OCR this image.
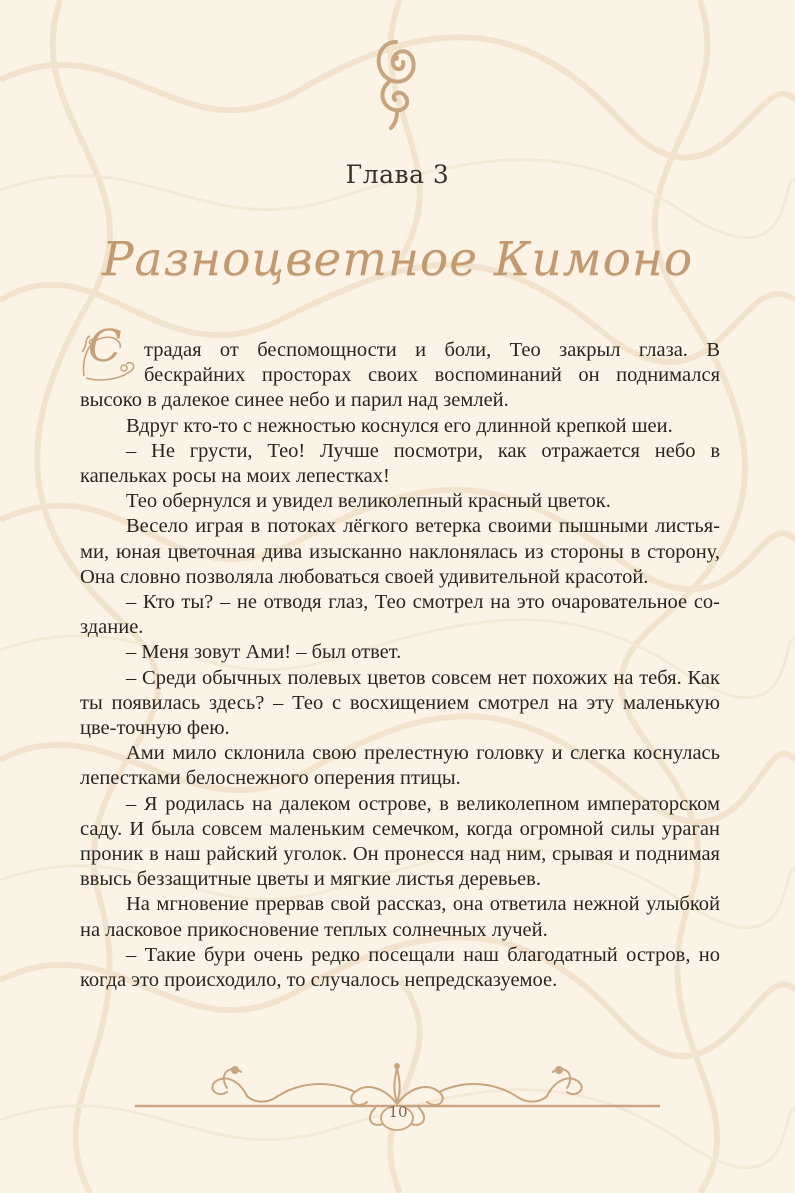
Глава 3
Разноцветное Кимоно

С традая от беспомощности и боли, Тео закрыл глаза. В бескрайних просторах своих воспоминаний он поднимался высоко в далекое синее небо и парил над землей.

Вдруг кто-то с нежностью коснулся его длинной крепкой шеи.

– Не грусти, Тео! Лучше посмотри, как отражается небо в капельках росы на моих лепестках!

Тео обернулся и увидел великолепный красный цветок.

Весело играя в потоках лёгкого ветерка своими пышными листья-ми, юная цветочная дива изысканно наклонялась из стороны в сторону, Она словно позволяла любоваться своей удивительной красотой.

– Кто ты? – не отводя глаз, Тео смотрел на это очаровательное со-здание.

– Меня зовут Ами! – был ответ.

– Среди обычных полевых цветов совсем нет похожих на тебя. Как ты появилась здесь? – Тео с восхищением смотрел на эту маленькую цве-точную фею.

Ами мило склонила свою прелестную головку и слегка коснулась лепестками белоснежного оперения птицы.

– Я родилась на далеком острове, в великолепном императорском саду. И была совсем маленьким семечком, когда огромной силы ураган проник в наш райский уголок. Он пронесся над ним, срывая и поднимая ввысь беззащитные цветы и мягкие листья деревьев.

На мгновение прервав свой рассказ, она ответила нежной улыбкой на ласковое прикосновение теплых солнечных лучей.

– Такие бури очень редко посещали наш благодатный остров, но когда это происходило, то случалось непредсказуемое.

10
